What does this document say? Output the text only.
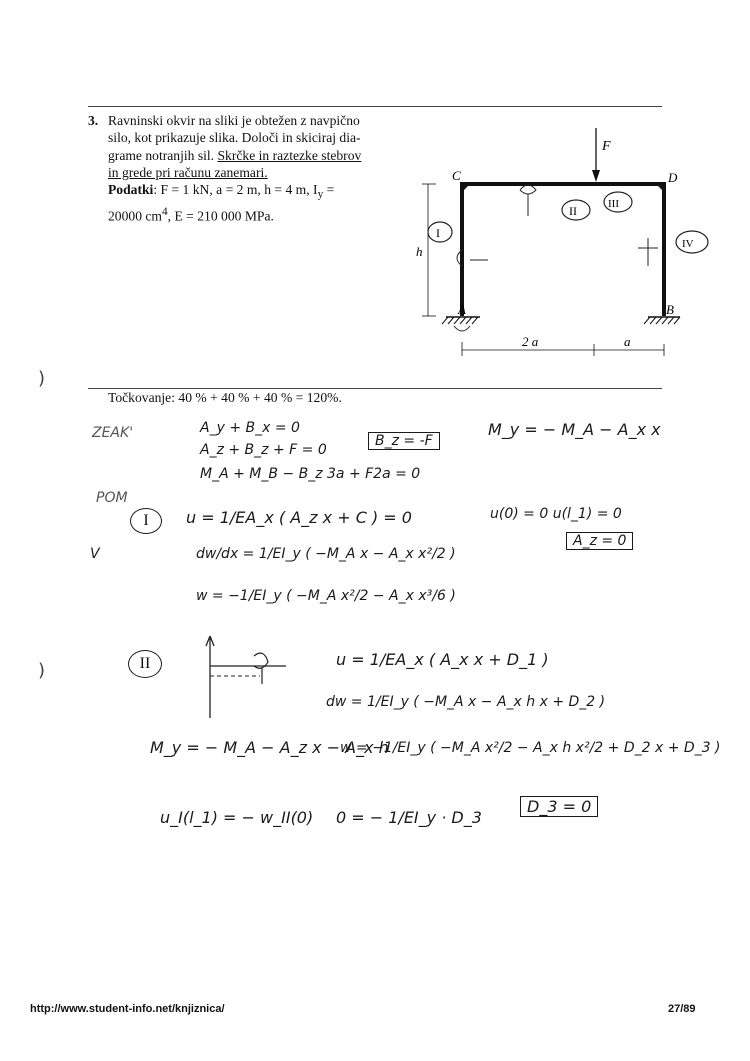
3. Ravninski okvir na sliki je obtežen z navpično

silo, kot prikazuje slika. Določi in skiciraj dia-

grame notranjih sil. Skrčke in raztezke stebrov

in grede pri računu zanemari.

Podatki: F = 1 kN, a = 2 m, h = 4 m, $I_y$ =

20000 $cm^4$, E = 210 000 MPa.

F
C	D
A	B
h
2 a	a
I
II	III
IV
Točkovanje: 40 % + 40 % + 40 % = 120%.
)
)
ZEAK'	A_y + B_x = 0
A_z + B_z + F = 0
B_z = -F
M_A + M_B − B_z 3a + F2a = 0
M_y = − M_A − A_x x
POM
I	u = 1/EA_x ( A_z x + C ) = 0	u(0) = 0 u(l_1) = 0
A_z = 0
V	dw/dx = 1/EI_y ( −M_A x − A_x x²/2 )
w = −1/EI_y ( −M_A x²/2 − A_x x³/6 )
II	u = 1/EA_x ( A_x x + D_1 )
dw = 1/EI_y ( −M_A x − A_x h x + D_2 )
M_y = − M_A − A_z x − A_x h
w = −1/EI_y ( −M_A x²/2 − A_x h x²/2 + D_2 x + D_3 )
u_I(l_1) = − w_II(0) 0 = − 1/EI_y · D_3
D_3 = 0
http://www.student-info.net/knjiznica/	27/89
